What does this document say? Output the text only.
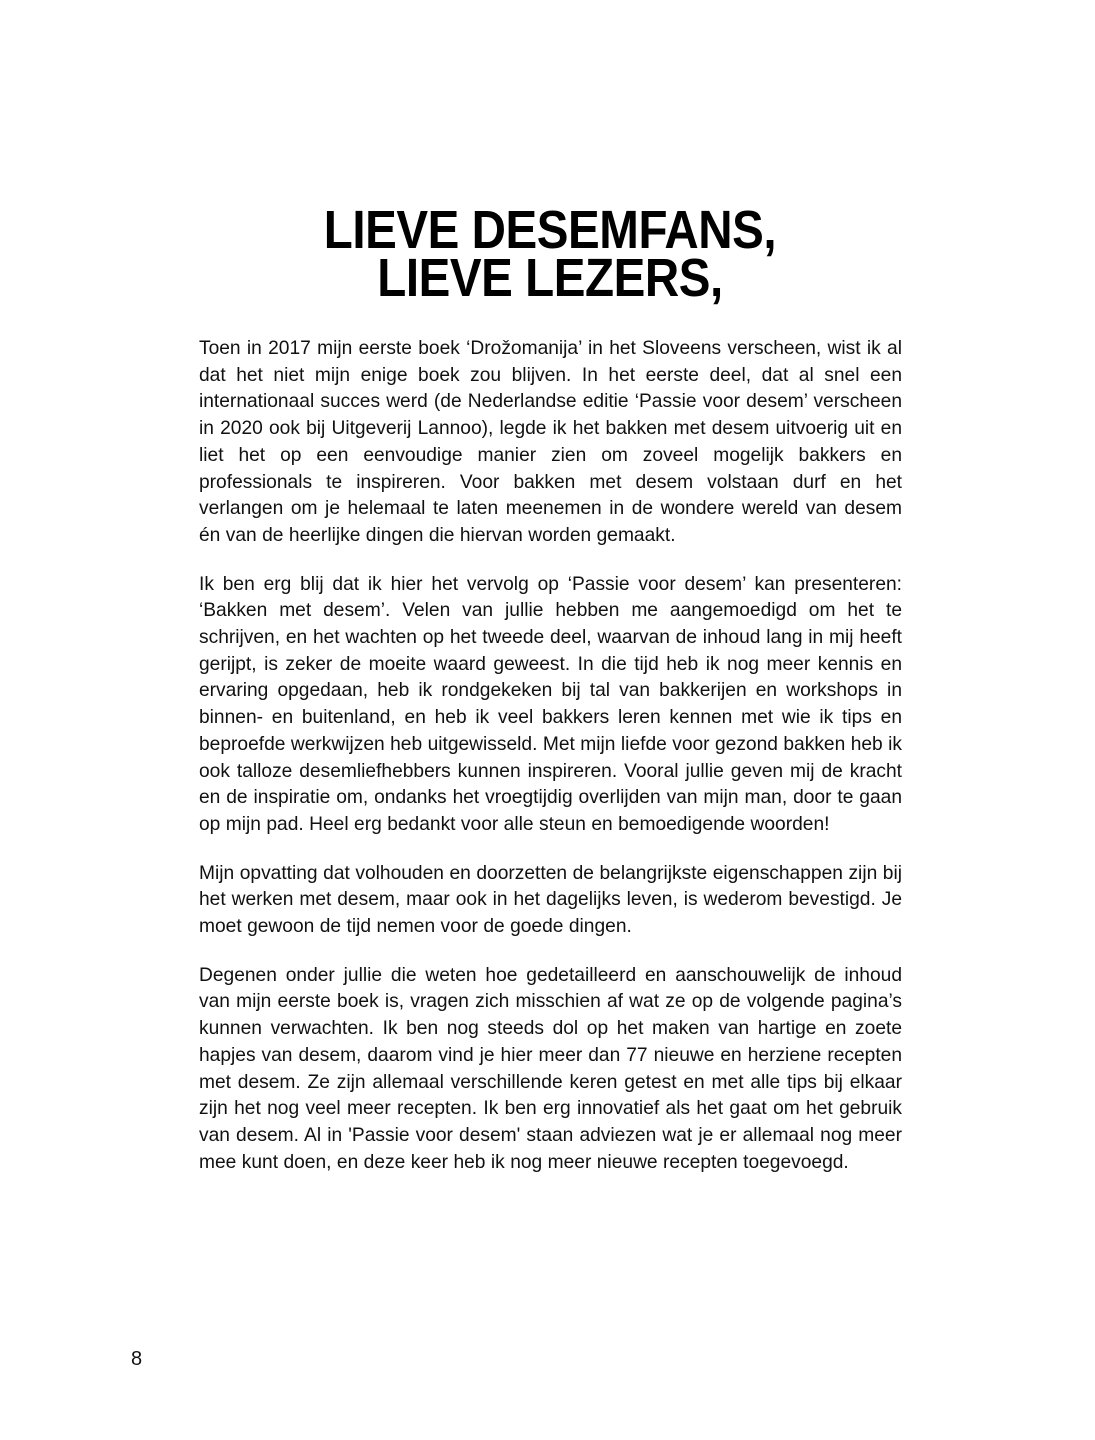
LIEVE DESEMFANS,
LIEVE LEZERS,

Toen in 2017 mijn eerste boek ‘Drožomanija’ in het Sloveens verscheen, wist ik al dat het niet mijn enige boek zou blijven. In het eerste deel, dat al snel een internationaal succes werd (de Nederlandse editie ‘Passie voor desem’ verscheen in 2020 ook bij Uitgeverij Lannoo), legde ik het bakken met desem uitvoerig uit en liet het op een eenvoudige manier zien om zoveel mogelijk bakkers en professionals te inspireren. Voor bakken met desem volstaan durf en het verlangen om je helemaal te laten meenemen in de wondere wereld van desem én van de heerlijke dingen die hiervan worden gemaakt.

Ik ben erg blij dat ik hier het vervolg op ‘Passie voor desem’ kan presenteren: ‘Bakken met desem’. Velen van jullie hebben me aangemoedigd om het te schrijven, en het wachten op het tweede deel, waarvan de inhoud lang in mij heeft gerijpt, is zeker de moeite waard geweest. In die tijd heb ik nog meer kennis en ervaring opgedaan, heb ik rondgekeken bij tal van bakkerijen en workshops in binnen- en buitenland, en heb ik veel bakkers leren kennen met wie ik tips en beproefde werkwijzen heb uitgewisseld. Met mijn liefde voor gezond bakken heb ik ook talloze desemliefhebbers kunnen inspireren. Vooral jullie geven mij de kracht en de inspiratie om, ondanks het vroegtijdig overlijden van mijn man, door te gaan op mijn pad. Heel erg bedankt voor alle steun en bemoedigende woorden!

Mijn opvatting dat volhouden en doorzetten de belangrijkste eigenschappen zijn bij het werken met desem, maar ook in het dagelijks leven, is wederom bevestigd. Je moet gewoon de tijd nemen voor de goede dingen.

Degenen onder jullie die weten hoe gedetailleerd en aanschouwelijk de inhoud van mijn eerste boek is, vragen zich misschien af wat ze op de volgende pagina’s kunnen verwachten. Ik ben nog steeds dol op het maken van hartige en zoete hapjes van desem, daarom vind je hier meer dan 77 nieuwe en herziene recepten met desem. Ze zijn allemaal verschillende keren getest en met alle tips bij elkaar zijn het nog veel meer recepten. Ik ben erg innovatief als het gaat om het gebruik van desem. Al in 'Passie voor desem' staan adviezen wat je er allemaal nog meer mee kunt doen, en deze keer heb ik nog meer nieuwe recepten toegevoegd.

8
